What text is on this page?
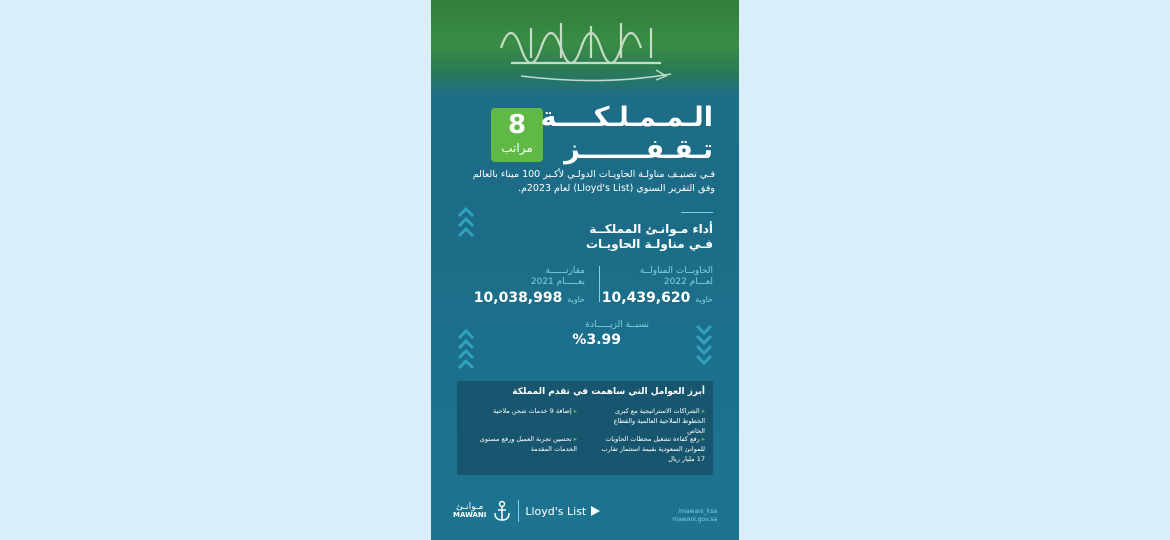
8
مراتب
الـمـمـلـكــــة
تـقـفـــــــز
فـي تصنيـف مناولـة الحاويـات الدولـي لأكـبر 100 ميناء بالعالم وفق التقرير السنوي (Lloyd's List) لعام 2023م.
أداء مـوانـئ المملكــة
فـي مناولـة الحاويـات
الحاويــات المناولــة
لعـــام 2022
حاوية 10,439,620
مقارنــــــة
بعـــــام 2021
حاوية 10,038,998
نسبــة الزيـــــادة
%3.99
أبرز العوامل التي ساهمت في تقدم المملكة
▸الشراكات الاستراتيجية مع كبرى الخطوط الملاحية العالمية والقطاع الخاص
▸إضافة 9 خدمات شحن ملاحية
▸رفع كفاءة تشغيل محطات الحاويات للموانئ السعودية بقيمة استثمار تقارب 17 مليار ريال
▸تحسين تجربة العميل ورفع مستوى الخدمات المقدمة
مـوانـئ
MAWANI	Lloyd's List	/mawani_ksa
mawani.gov.sa
